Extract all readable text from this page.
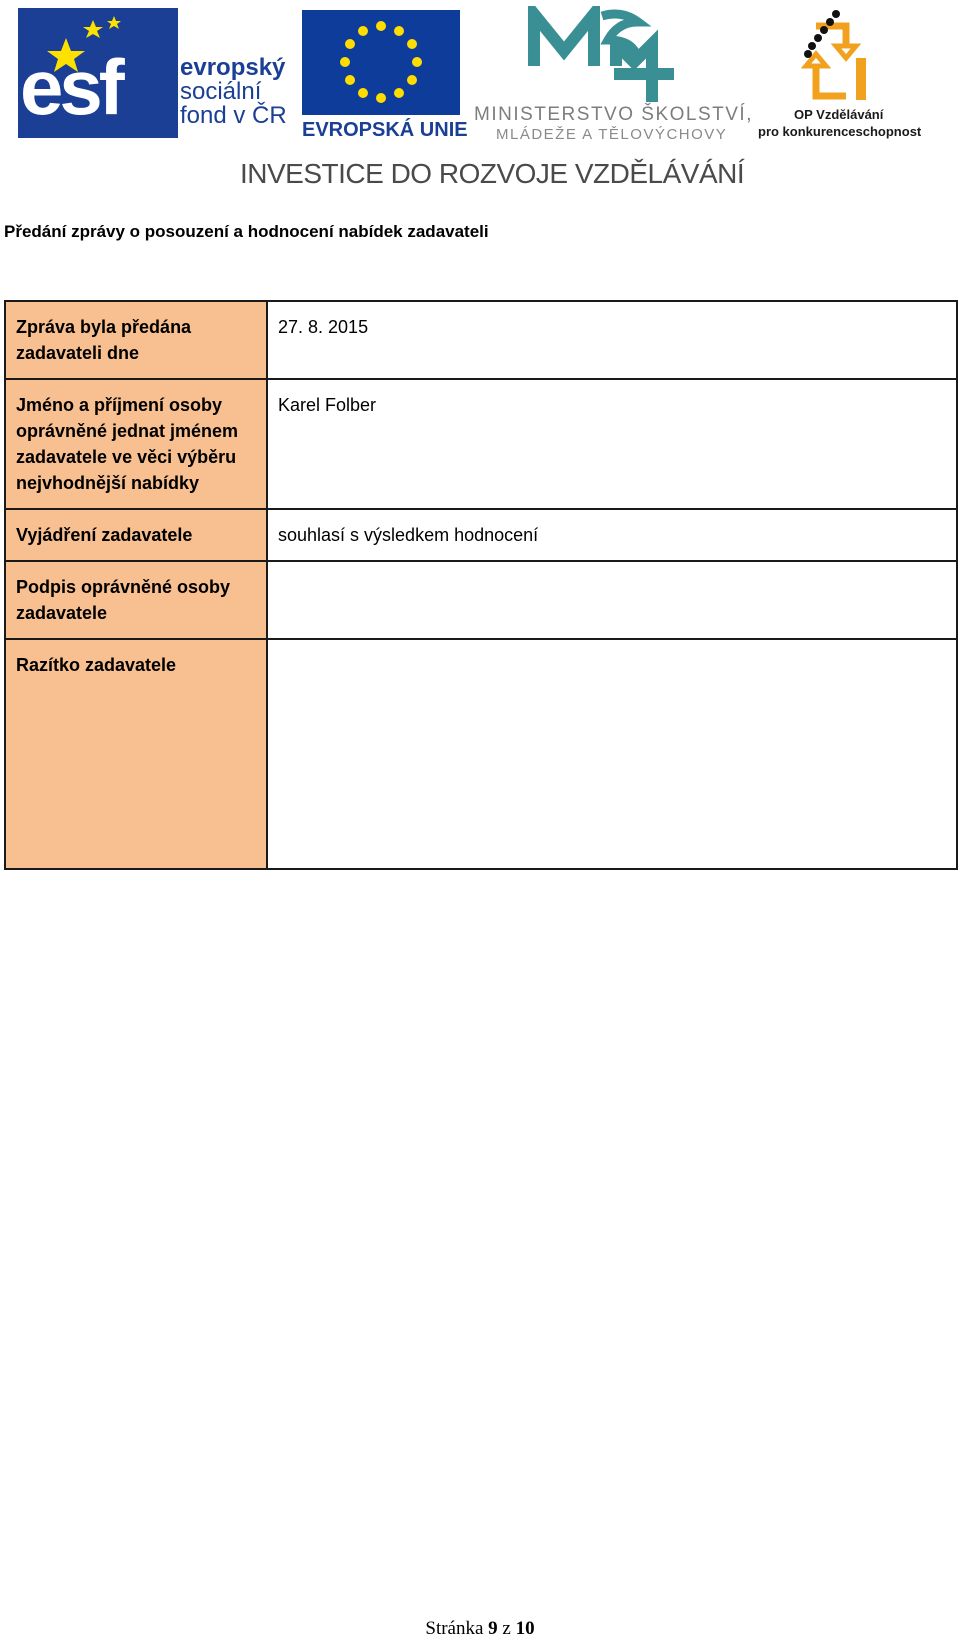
esf evropský
sociální
fond v ČR
EVROPSKÁ UNIE
MINISTERSTVO ŠKOLSTVÍ,
MLÁDEŽE A TĚLOVÝCHOVY
OP Vzdělávání
pro konkurenceschopnost
INVESTICE DO ROZVOJE VZDĚLÁVÁNÍ
Předání zprávy o posouzení a hodnocení nabídek zadavateli
Zpráva byla předána zadavateli dne	27. 8. 2015
Jméno a příjmení osoby oprávněné jednat jménem zadavatele ve věci výběru nejvhodnější nabídky	Karel Folber
Vyjádření zadavatele	souhlasí s výsledkem hodnocení
Podpis oprávněné osoby zadavatele	
Razítko zadavatele	
Stránka 9 z 10
